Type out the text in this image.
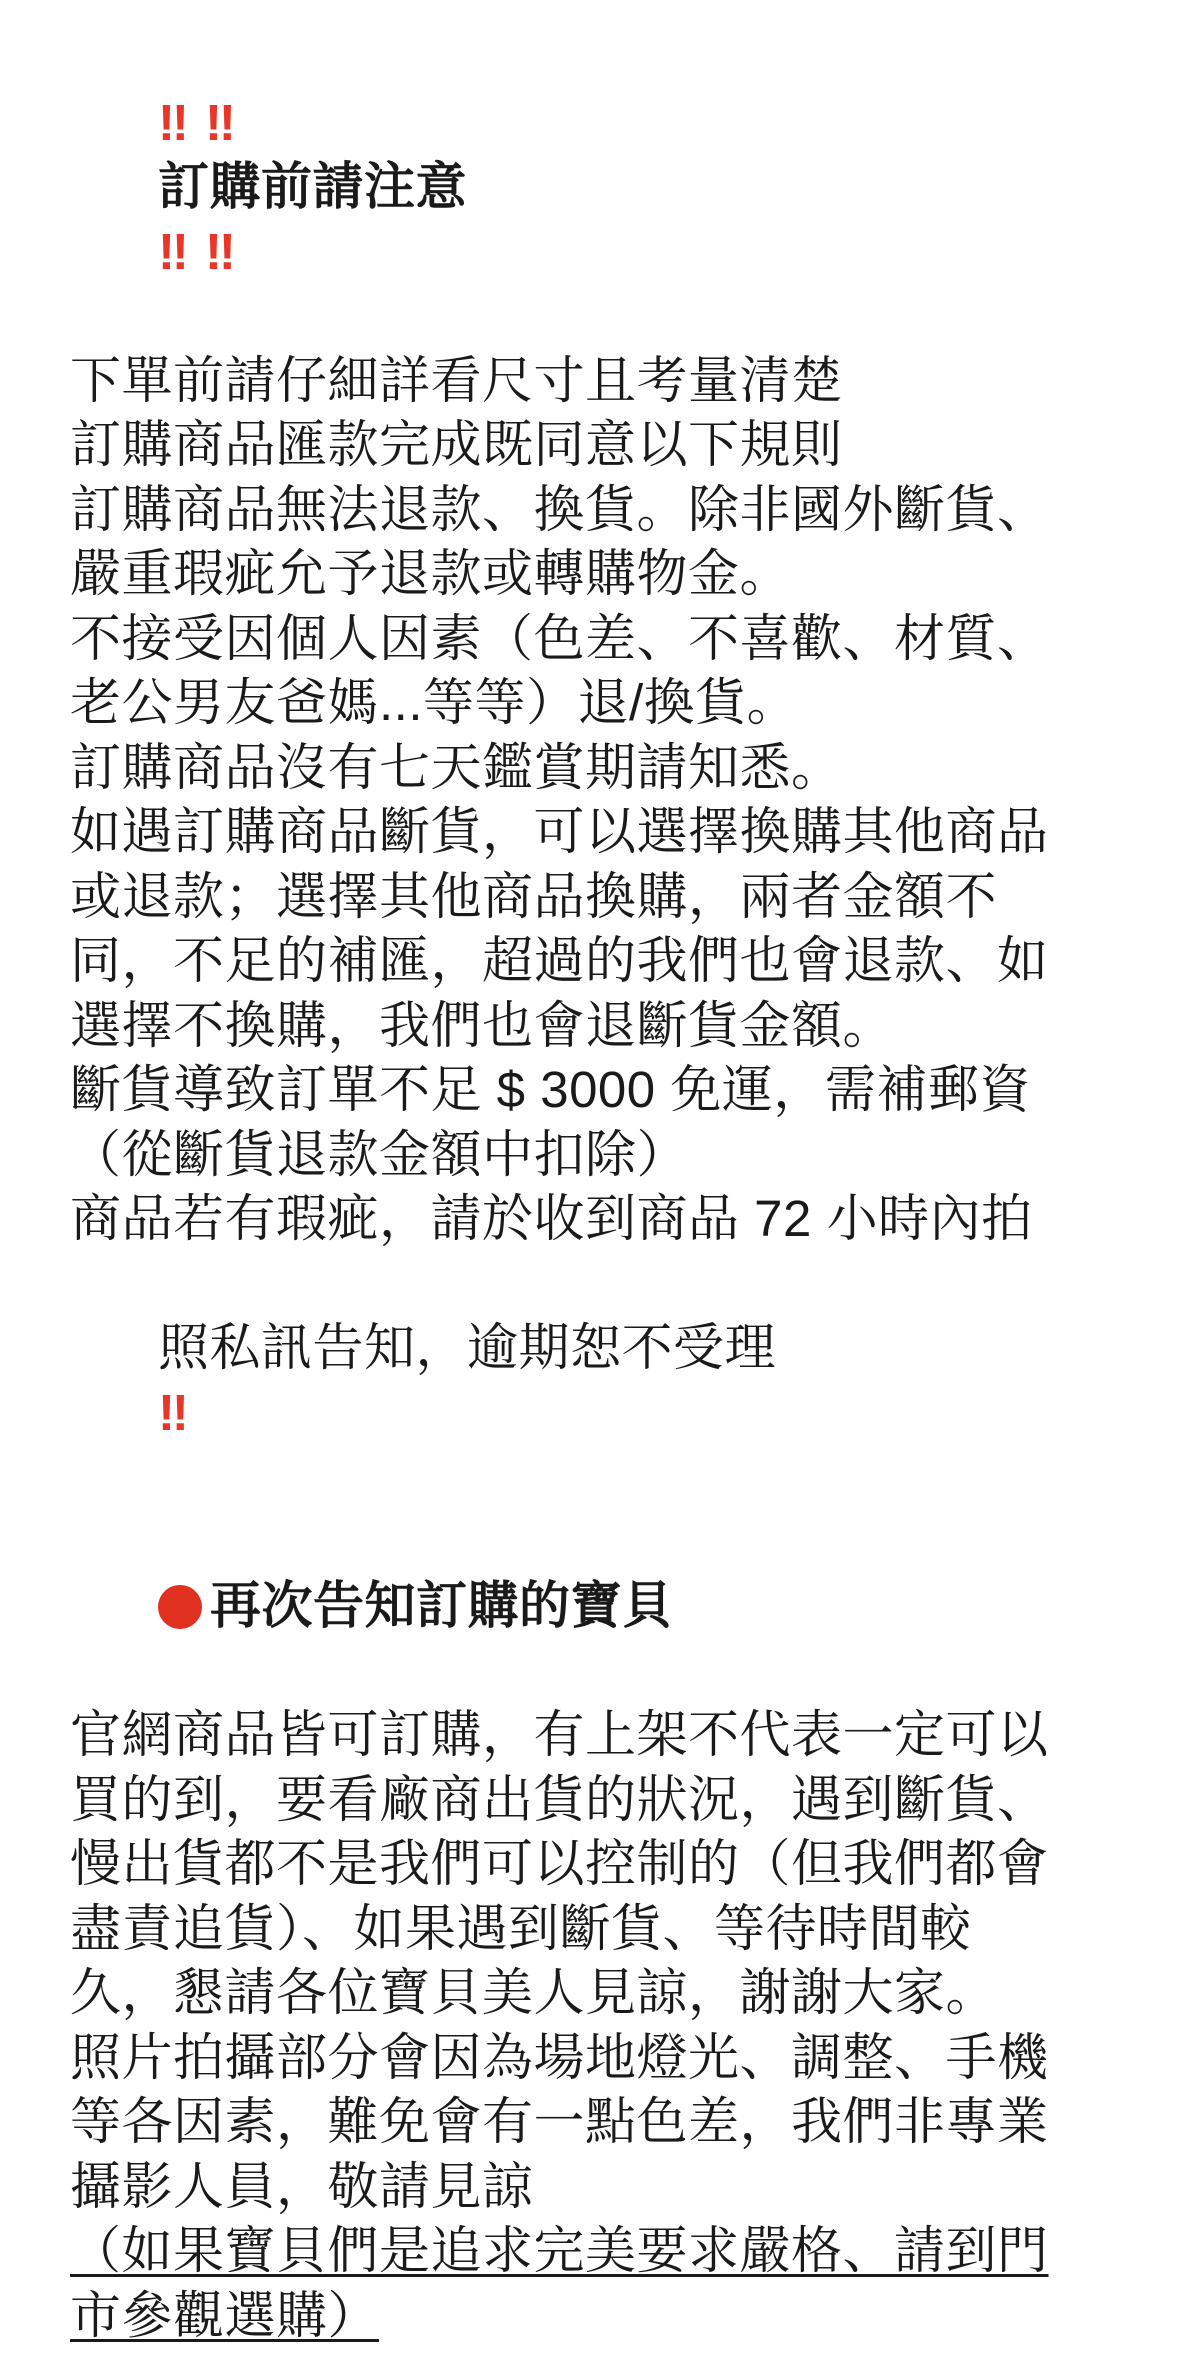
‼ ‼
訂購前請注意
‼ ‼

下單前請仔細詳看尺寸且考量清楚
訂購商品匯款完成既同意以下規則
訂購商品無法退款、換貨。除非國外斷貨、
嚴重瑕疵允予退款或轉購物金。
不接受因個人因素（色差、不喜歡、材質、
老公男友爸媽...等等）退/換貨。
訂購商品沒有七天鑑賞期請知悉。
如遇訂購商品斷貨，可以選擇換購其他商品
或退款；選擇其他商品換購，兩者金額不
同，不足的補匯，超過的我們也會退款、如
選擇不換購，我們也會退斷貨金額。
斷貨導致訂單不足 $ 3000 免運，需補郵資
（從斷貨退款金額中扣除）
商品若有瑕疵，請於收到商品 72 小時內拍

照私訊告知，逾期恕不受理
‼

再次告知訂購的寶貝

官網商品皆可訂購，有上架不代表一定可以
買的到，要看廠商出貨的狀況，遇到斷貨、
慢出貨都不是我們可以控制的（但我們都會
盡責追貨）、如果遇到斷貨、等待時間較
久，懇請各位寶貝美人見諒，謝謝大家。
照片拍攝部分會因為場地燈光、調整、手機
等各因素，難免會有一點色差，我們非專業
攝影人員，敬請見諒
（如果寶貝們是追求完美要求嚴格、請到門
市參觀選購）
